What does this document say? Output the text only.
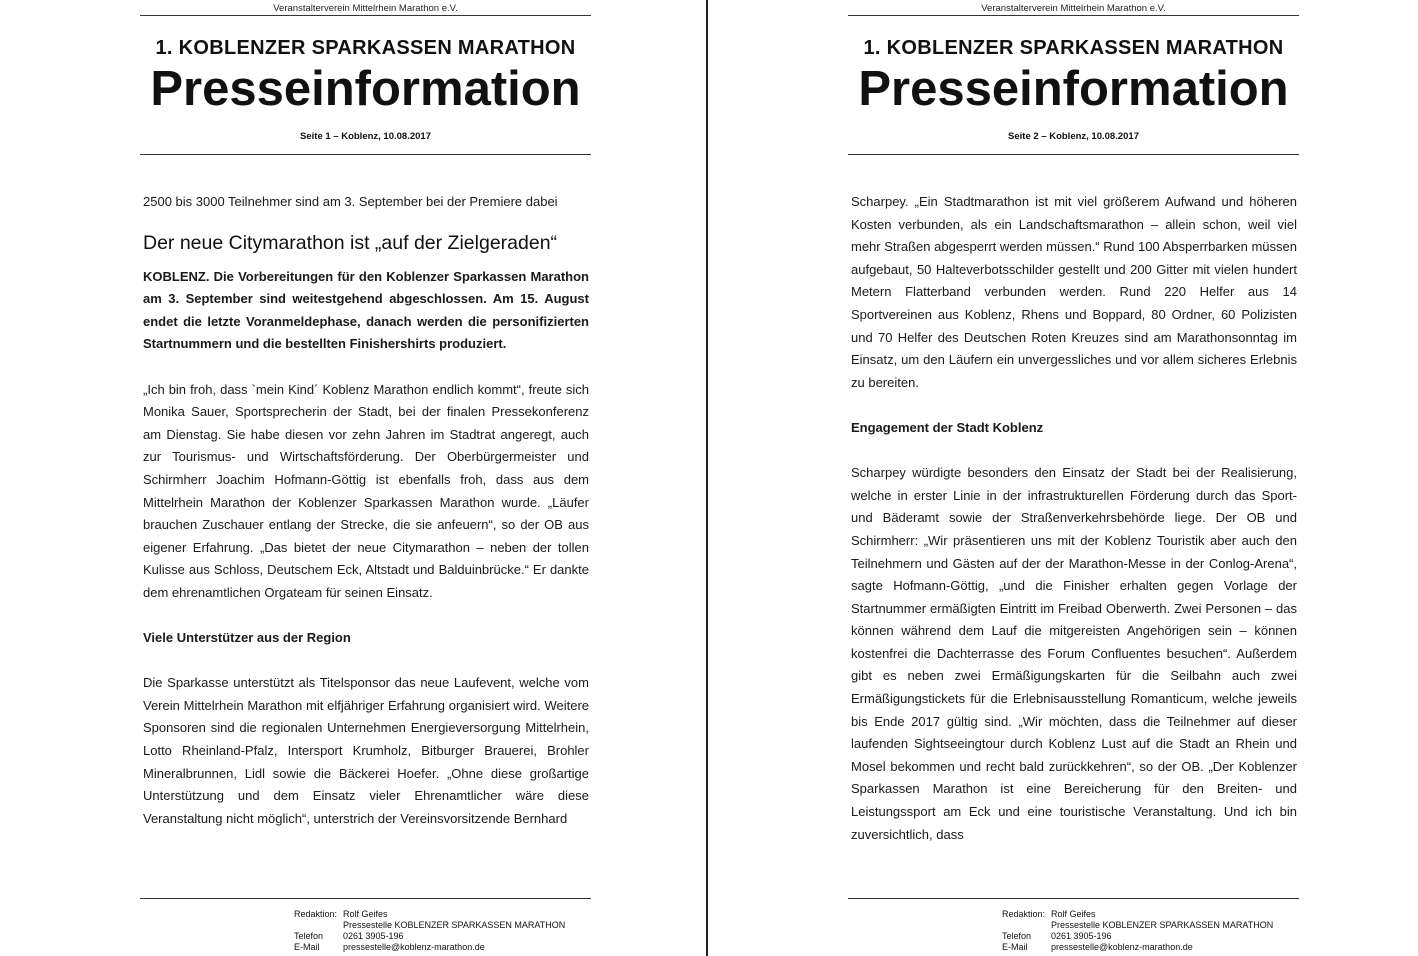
Veranstalterverein Mittelrhein Marathon e.V.
1. KOBLENZER SPARKASSEN MARATHON
Presseinformation
Seite 1 – Koblenz, 10.08.2017

2500 bis 3000 Teilnehmer sind am 3. September bei der Premiere dabei

Der neue Citymarathon ist „auf der Zielgeraden“

KOBLENZ. Die Vorbereitungen für den Koblenzer Sparkassen Marathon am 3. September sind weitestgehend abgeschlossen. Am 15. August endet die letzte Voranmeldephase, danach werden die personifizierten Startnummern und die bestellten Finishershirts produziert.

„Ich bin froh, dass `mein Kind´ Koblenz Marathon endlich kommt“, freute sich Monika Sauer, Sportsprecherin der Stadt, bei der finalen Pressekonferenz am Dienstag. Sie habe diesen vor zehn Jahren im Stadtrat angeregt, auch zur Tourismus- und Wirtschaftsförderung. Der Oberbürgermeister und Schirmherr Joachim Hofmann-Göttig ist ebenfalls froh, dass aus dem Mittelrhein Marathon der Koblenzer Sparkassen Marathon wurde. „Läufer brauchen Zuschauer entlang der Strecke, die sie anfeuern“, so der OB aus eigener Erfahrung. „Das bietet der neue Citymarathon – neben der tollen Kulisse aus Schloss, Deutschem Eck, Altstadt und Balduinbrücke.“ Er dankte dem ehrenamtlichen Orgateam für seinen Einsatz.

Viele Unterstützer aus der Region

Die Sparkasse unterstützt als Titelsponsor das neue Laufevent, welche vom Verein Mittelrhein Marathon mit elfjähriger Erfahrung organisiert wird. Weitere Sponsoren sind die regionalen Unternehmen Energieversorgung Mittelrhein, Lotto Rheinland-Pfalz, Intersport Krumholz, Bitburger Brauerei, Brohler Mineralbrunnen, Lidl sowie die Bäckerei Hoefer. „Ohne diese großartige Unterstützung und dem Einsatz vieler Ehrenamtlicher wäre diese Veranstaltung nicht möglich“, unterstrich der Vereinsvorsitzende Bernhard

Redaktion: Rolf Geifes
Pressestelle KOBLENZER SPARKASSEN MARATHON
Telefon	0261 3905-196
E-Mail	pressestelle@koblenz-marathon.de
Veranstalterverein Mittelrhein Marathon e.V.
1. KOBLENZER SPARKASSEN MARATHON
Presseinformation
Seite 2 – Koblenz, 10.08.2017

Scharpey. „Ein Stadtmarathon ist mit viel größerem Aufwand und höheren Kosten verbunden, als ein Landschaftsmarathon – allein schon, weil viel mehr Straßen abgesperrt werden müssen.“ Rund 100 Absperrbarken müssen aufgebaut, 50 Halteverbotsschilder gestellt und 200 Gitter mit vielen hundert Metern Flatterband verbunden werden. Rund 220 Helfer aus 14 Sportvereinen aus Koblenz, Rhens und Boppard, 80 Ordner, 60 Polizisten und 70 Helfer des Deutschen Roten Kreuzes sind am Marathonsonntag im Einsatz, um den Läufern ein unvergessliches und vor allem sicheres Erlebnis zu bereiten.

Engagement der Stadt Koblenz

Scharpey würdigte besonders den Einsatz der Stadt bei der Realisierung, welche in erster Linie in der infrastrukturellen Förderung durch das Sport- und Bäderamt sowie der Straßenverkehrsbehörde liege. Der OB und Schirmherr: „Wir präsentieren uns mit der Koblenz Touristik aber auch den Teilnehmern und Gästen auf der der Marathon-Messe in der Conlog-Arena“, sagte Hofmann-Göttig, „und die Finisher erhalten gegen Vorlage der Startnummer ermäßigten Eintritt im Freibad Oberwerth. Zwei Personen – das können während dem Lauf die mitgereisten Angehörigen sein – können kostenfrei die Dachterrasse des Forum Confluentes besuchen“. Außerdem gibt es neben zwei Ermäßigungskarten für die Seilbahn auch zwei Ermäßigungstickets für die Erlebnisausstellung Romanticum, welche jeweils bis Ende 2017 gültig sind. „Wir möchten, dass die Teilnehmer auf dieser laufenden Sightseeingtour durch Koblenz Lust auf die Stadt an Rhein und Mosel bekommen und recht bald zurückkehren“, so der OB. „Der Koblenzer Sparkassen Marathon ist eine Bereicherung für den Breiten- und Leistungssport am Eck und eine touristische Veranstaltung. Und ich bin zuversichtlich, dass

Redaktion: Rolf Geifes
Pressestelle KOBLENZER SPARKASSEN MARATHON
Telefon	0261 3905-196
E-Mail	pressestelle@koblenz-marathon.de
